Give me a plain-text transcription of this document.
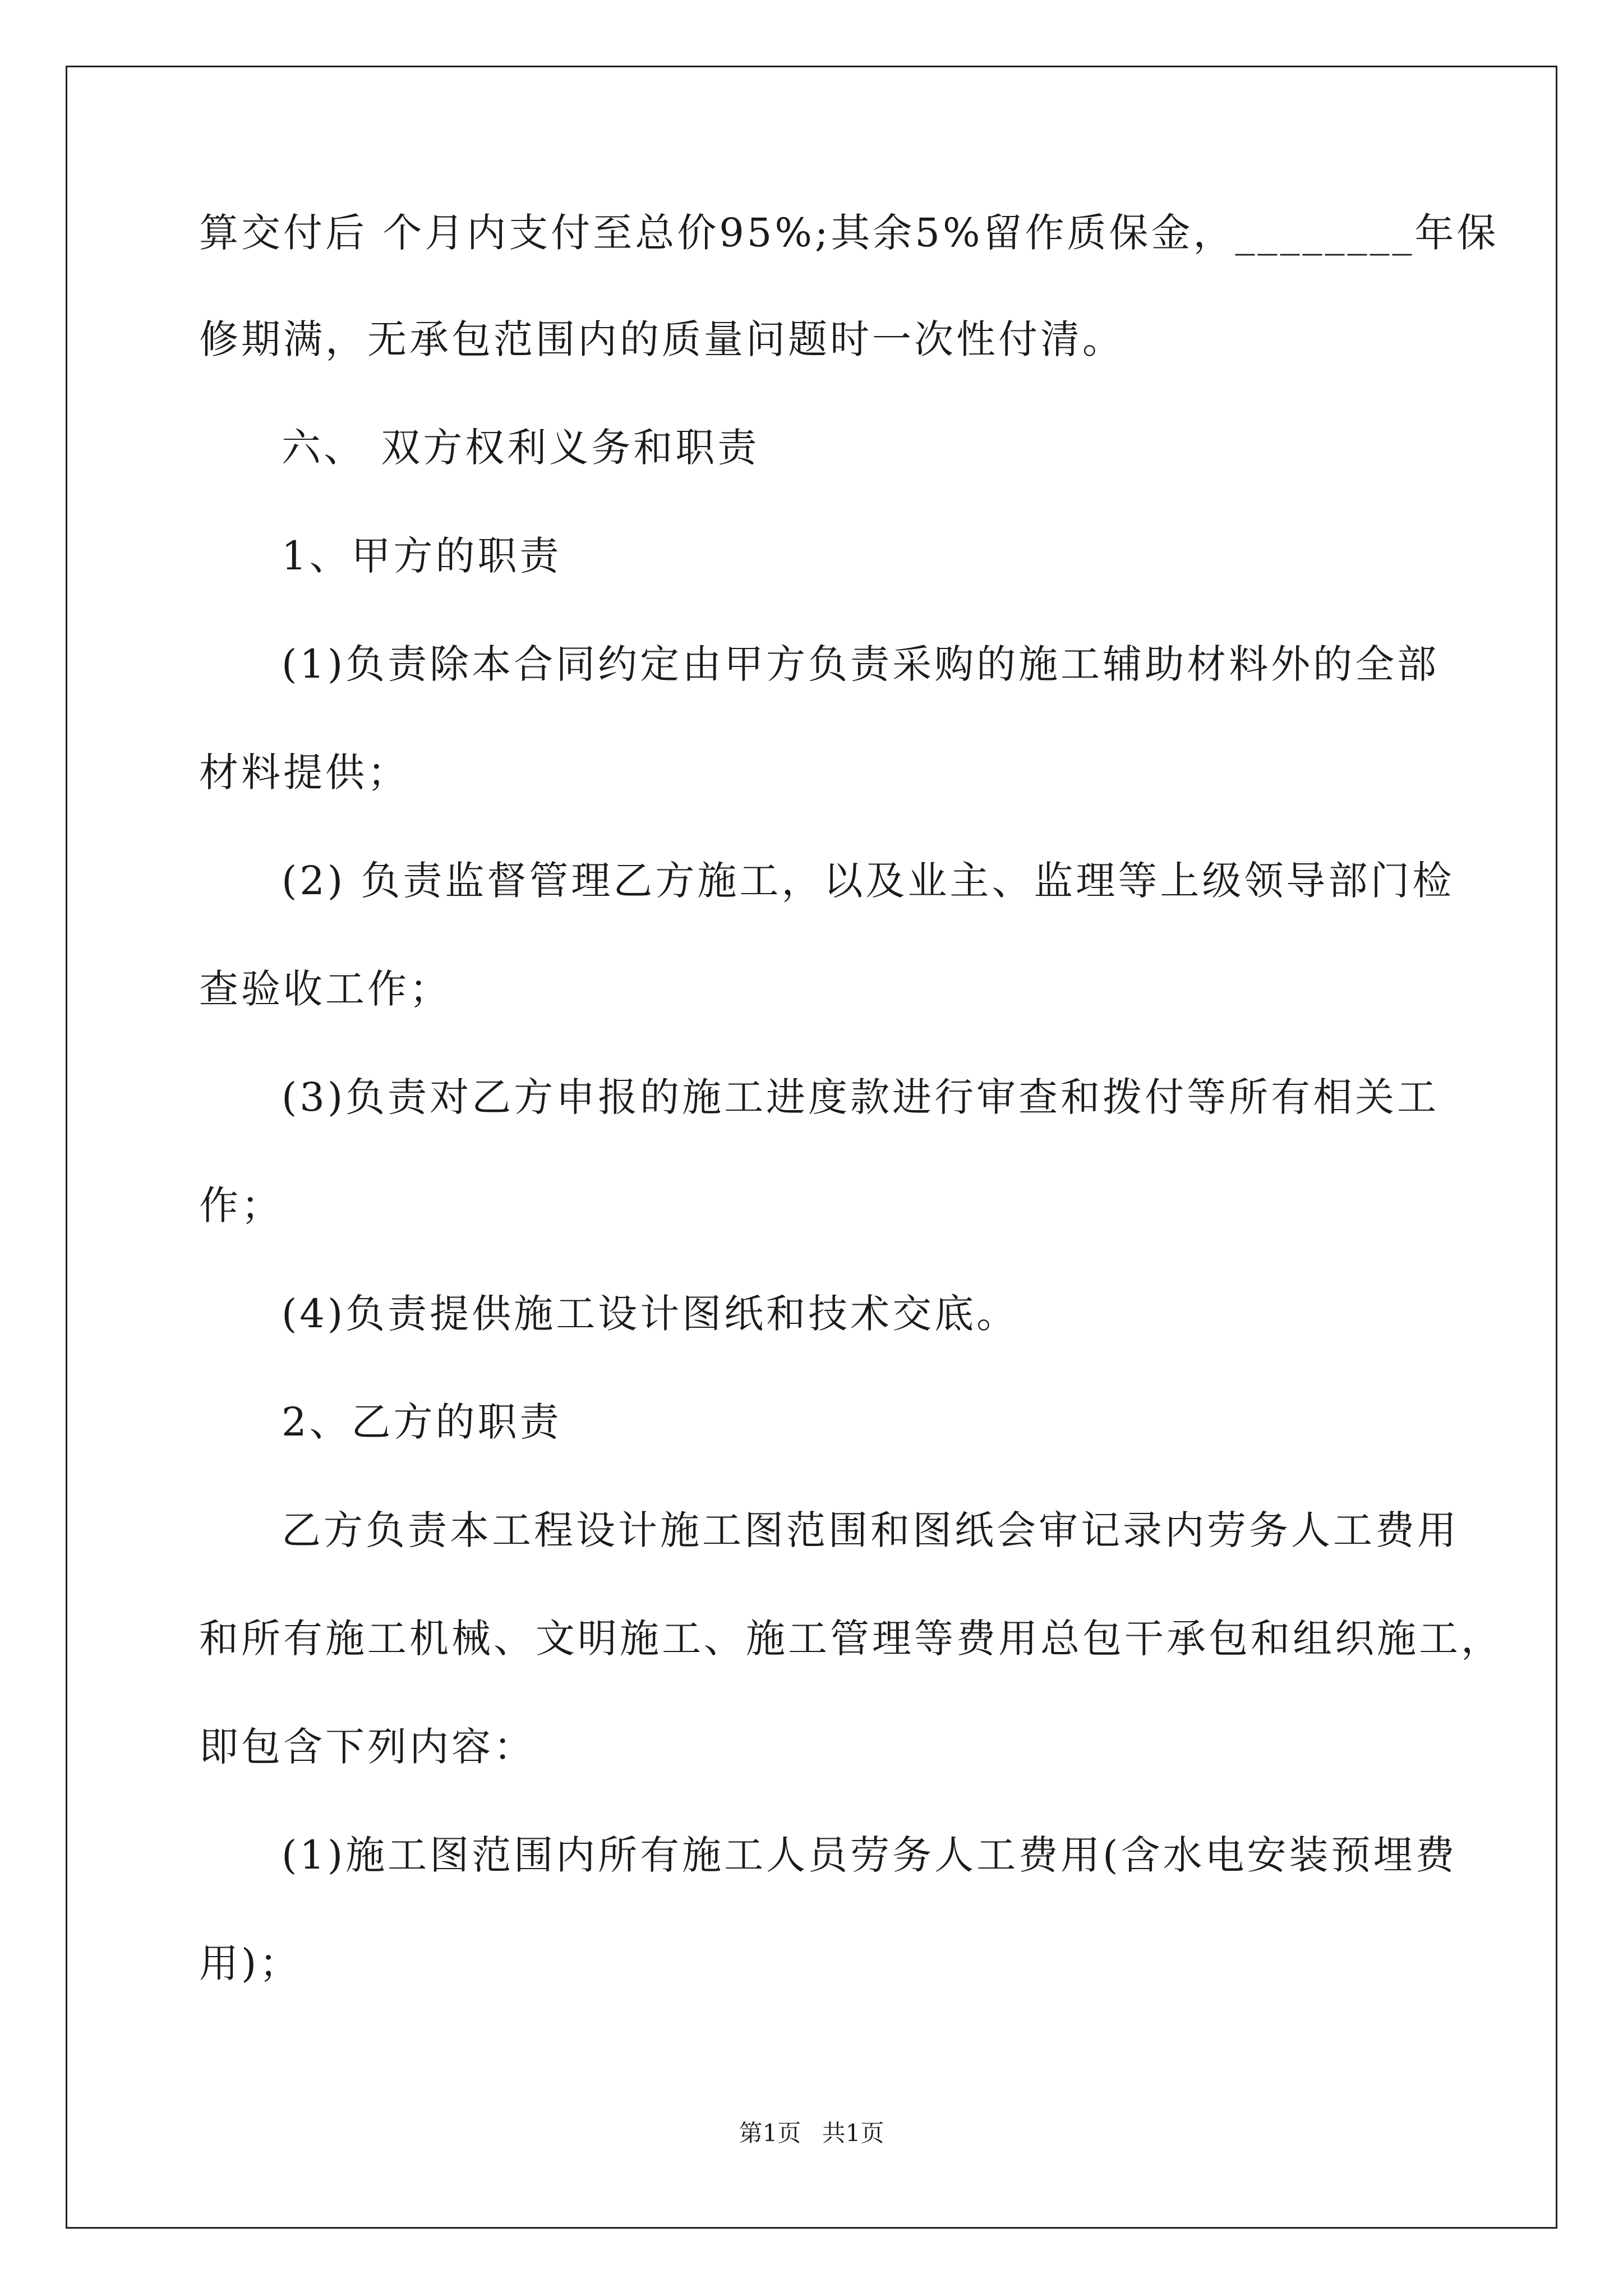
算交付后 个月内支付至总价95%;其余5%留作质保金，________年保
修期满，无承包范围内的质量问题时一次性付清。
六、 双方权利义务和职责
1、甲方的职责
(1)负责除本合同约定由甲方负责采购的施工辅助材料外的全部
材料提供；
(2) 负责监督管理乙方施工，以及业主、监理等上级领导部门检
查验收工作；
(3)负责对乙方申报的施工进度款进行审查和拨付等所有相关工
作；
(4)负责提供施工设计图纸和技术交底。
2、乙方的职责
乙方负责本工程设计施工图范围和图纸会审记录内劳务人工费用
和所有施工机械、文明施工、施工管理等费用总包干承包和组织施工，
即包含下列内容：
(1)施工图范围内所有施工人员劳务人工费用(含水电安装预埋费
用)；
第1页 共1页
